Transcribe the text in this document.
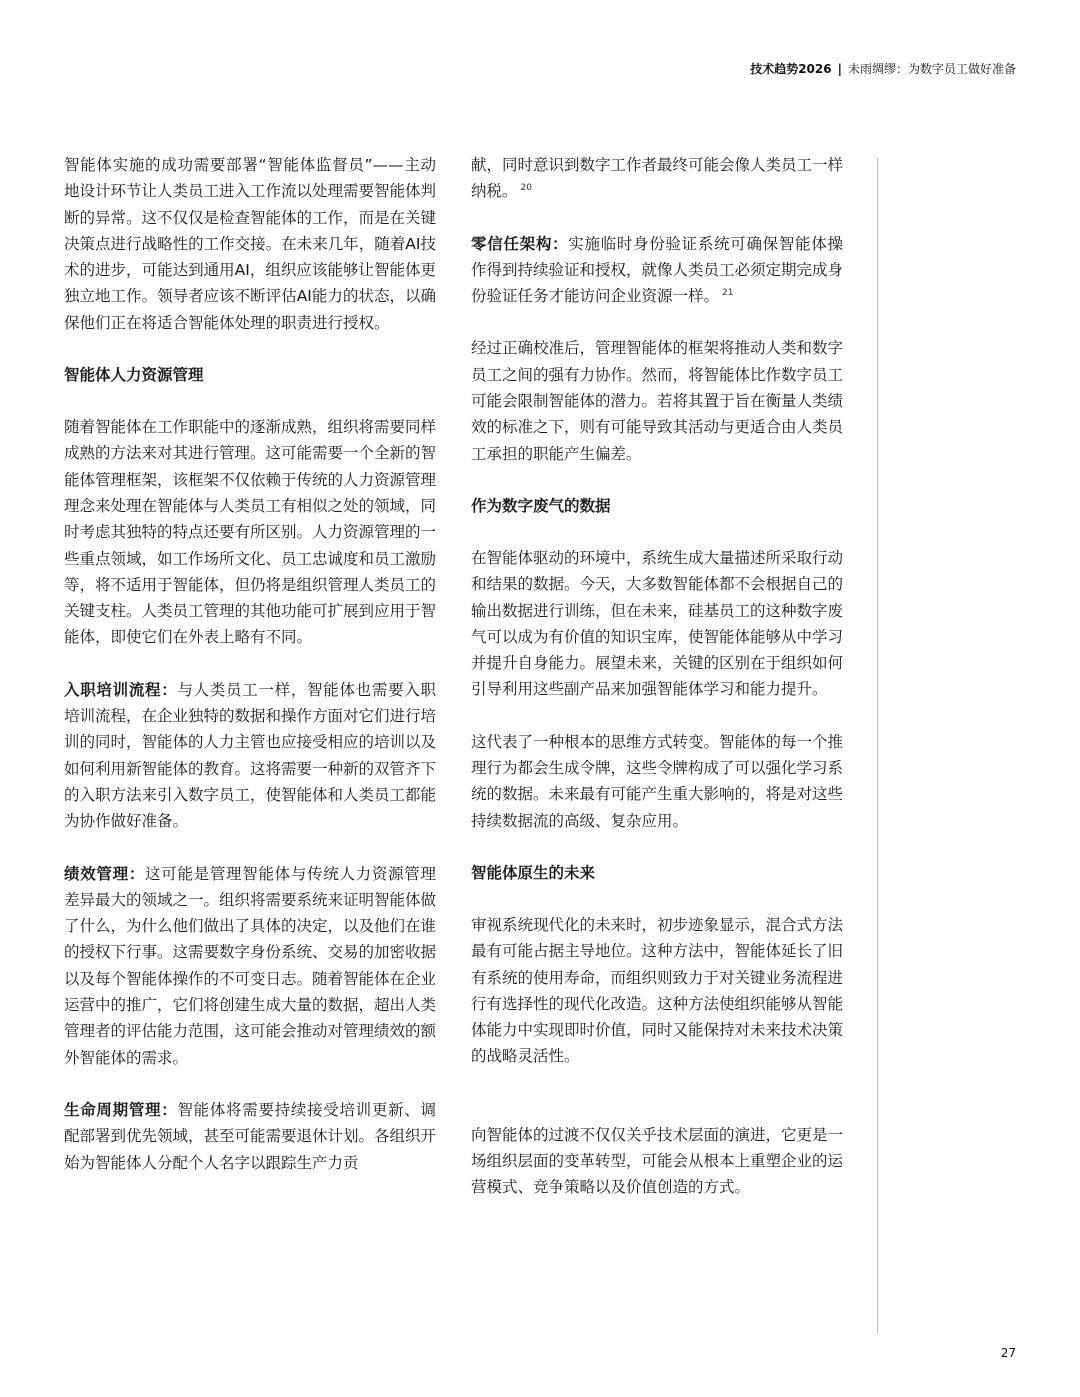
技术趋势2026 | 未雨绸缪：为数字员工做好准备

智能体实施的成功需要部署“智能体监督员”——主动地设计环节让人类员工进入工作流以处理需要智能体判断的异常。这不仅仅是检查智能体的工作，而是在关键决策点进行战略性的工作交接。在未来几年，随着AI技术的进步，可能达到通用AI，组织应该能够让智能体更独立地工作。领导者应该不断评估AI能力的状态，以确保他们正在将适合智能体处理的职责进行授权。

智能体人力资源管理

随着智能体在工作职能中的逐渐成熟，组织将需要同样成熟的方法来对其进行管理。这可能需要一个全新的智能体管理框架，该框架不仅依赖于传统的人力资源管理理念来处理在智能体与人类员工有相似之处的领域，同时考虑其独特的特点还要有所区别。人力资源管理的一些重点领域，如工作场所文化、员工忠诚度和员工激励等，将不适用于智能体，但仍将是组织管理人类员工的关键支柱。人类员工管理的其他功能可扩展到应用于智能体，即使它们在外表上略有不同。

入职培训流程：与人类员工一样，智能体也需要入职培训流程，在企业独特的数据和操作方面对它们进行培训的同时，智能体的人力主管也应接受相应的培训以及如何利用新智能体的教育。这将需要一种新的双管齐下的入职方法来引入数字员工，使智能体和人类员工都能为协作做好准备。

绩效管理：这可能是管理智能体与传统人力资源管理差异最大的领域之一。组织将需要系统来证明智能体做了什么，为什么他们做出了具体的决定，以及他们在谁的授权下行事。这需要数字身份系统、交易的加密收据以及每个智能体操作的不可变日志。随着智能体在企业运营中的推广，它们将创建生成大量的数据，超出人类管理者的评估能力范围，这可能会推动对管理绩效的额外智能体的需求。

生命周期管理：智能体将需要持续接受培训更新、调配部署到优先领域，甚至可能需要退休计划。各组织开始为智能体人分配个人名字以跟踪生产力贡

献，同时意识到数字工作者最终可能会像人类员工一样纳税。 $^{20}$

零信任架构：实施临时身份验证系统可确保智能体操作得到持续验证和授权，就像人类员工必须定期完成身份验证任务才能访问企业资源一样。 $^{21}$

经过正确校准后，管理智能体的框架将推动人类和数字员工之间的强有力协作。然而，将智能体比作数字员工可能会限制智能体的潜力。若将其置于旨在衡量人类绩效的标准之下，则有可能导致其活动与更适合由人类员工承担的职能产生偏差。

作为数字废气的数据

在智能体驱动的环境中，系统生成大量描述所采取行动和结果的数据。今天，大多数智能体都不会根据自己的输出数据进行训练，但在未来，硅基员工的这种数字废气可以成为有价值的知识宝库，使智能体能够从中学习并提升自身能力。展望未来，关键的区别在于组织如何引导利用这些副产品来加强智能体学习和能力提升。

这代表了一种根本的思维方式转变。智能体的每一个推理行为都会生成令牌，这些令牌构成了可以强化学习系统的数据。未来最有可能产生重大影响的，将是对这些持续数据流的高级、复杂应用。

智能体原生的未来

审视系统现代化的未来时，初步迹象显示，混合式方法最有可能占据主导地位。这种方法中，智能体延长了旧有系统的使用寿命，而组织则致力于对关键业务流程进行有选择性的现代化改造。这种方法使组织能够从智能体能力中实现即时价值，同时又能保持对未来技术决策的战略灵活性。

向智能体的过渡不仅仅关乎技术层面的演进，它更是一场组织层面的变革转型，可能会从根本上重塑企业的运营模式、竞争策略以及价值创造的方式。

27
